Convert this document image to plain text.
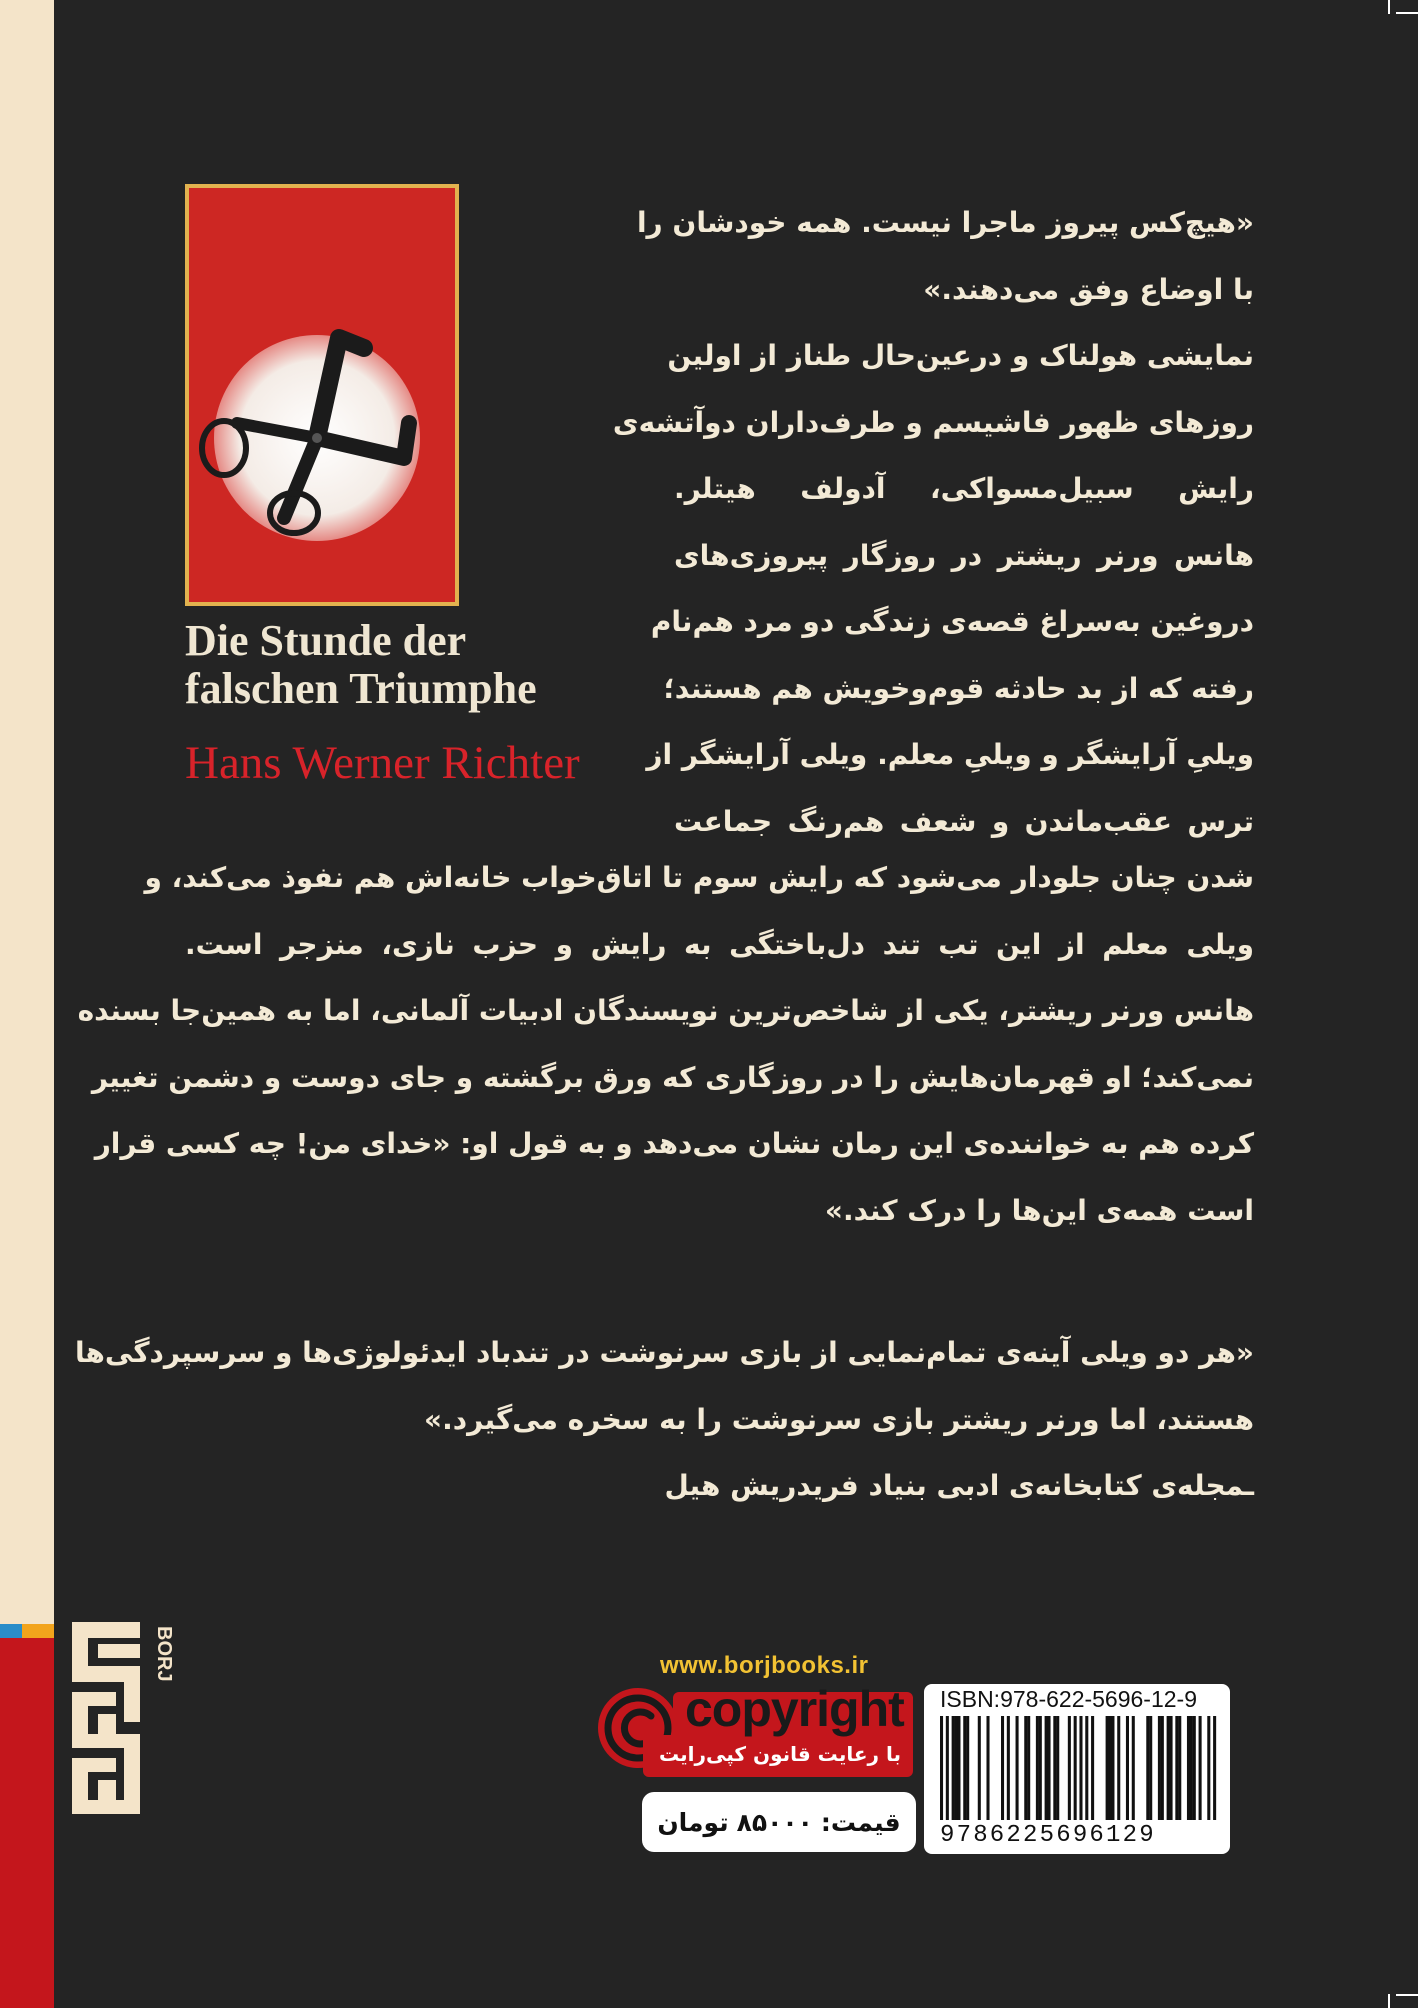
Die Stunde der
falschen Triumphe
Hans Werner Richter
«هیچ‌کس پیروز ماجرا نیست. همه خودشان را
با اوضاع وفق می‌دهند.»
نمایشی هولناک و درعین‌حال طناز از اولین
روزهای ظهور فاشیسم و طرف‌داران دوآتشه‌ی
رایش سبیل‌مسواکی، آدولف هیتلر.
هانس ورنر ریشتر در روزگار پیروزی‌های
دروغین به‌سراغ قصه‌ی زندگی دو مرد هم‌نام
رفته که از بد حادثه قوم‌وخویش هم هستند؛
ویلیِ آرایشگر و ویلیِ معلم. ویلی آرایشگر از
ترس عقب‌ماندن و شعف هم‌رنگ جماعت
شدن چنان جلودار می‌شود که رایش سوم تا اتاق‌خواب خانه‌اش هم نفوذ می‌کند، و
ویلی معلم از این تب تند دل‌باختگی به رایش و حزب نازی، منزجر است.
هانس ورنر ریشتر، یکی از شاخص‌ترین نویسندگان ادبیات آلمانی، اما به همین‌جا بسنده
نمی‌کند؛ او قهرمان‌هایش را در روزگاری که ورق برگشته و جای دوست و دشمن تغییر
کرده هم به خواننده‌ی این رمان نشان می‌دهد و به قول او: «خدای من! چه کسی قرار
است همه‌ی این‌ها را درک کند.»
«هر دو ویلی آینه‌ی تمام‌نمایی از بازی سرنوشت در تندباد ایدئولوژی‌ها و سرسپردگی‌ها
هستند، اما ورنر ریشتر بازی سرنوشت را به سخره می‌گیرد.»
ـمجله‌ی کتابخانه‌ی ادبی بنیاد فریدریش هیل
BORJ	www.borjbooks.ir
copyright
با رعایت قانون کپی‌رایت
قیمت:
۸۵۰۰۰
تومان
ISBN:978-622-5696-12-9
9786225696129
